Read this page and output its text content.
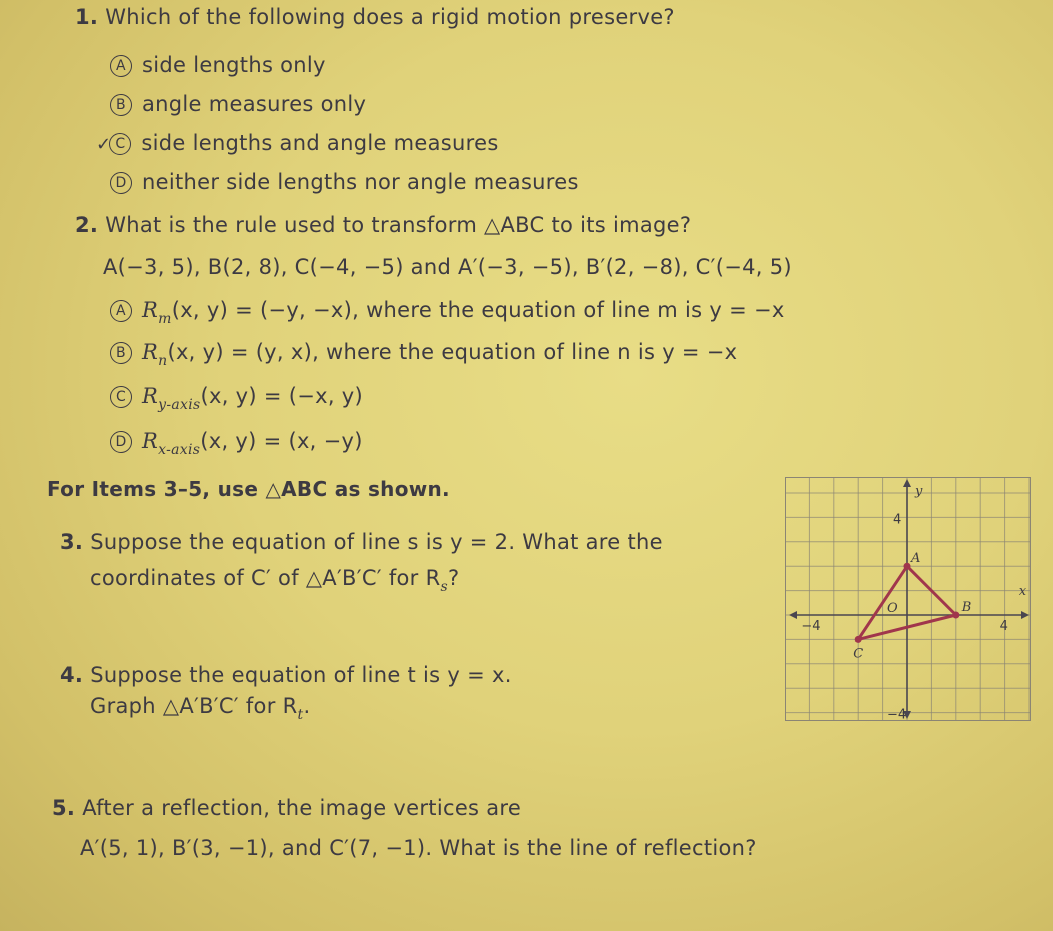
1. Which of the following does a rigid motion preserve?
A side lengths only
B angle measures only
✓ C side lengths and angle measures
D neither side lengths nor angle measures
2. What is the rule used to transform △ABC to its image?
A(−3, 5), B(2, 8), C(−4, −5) and A′(−3, −5), B′(2, −8), C′(−4, 5)
A $R_m(x$, y) = (−y, −x), where the equation of line m is y = −x
B $R_n(x$, y) = (y, x), where the equation of line n is y = −x
C $R_{y-axis}(x$, y) = (−x, y)
D $R_{x-axis}(x$, y) = (x, −y)
For Items 3–5, use △ABC as shown.
3. Suppose the equation of line s is y = 2. What are the
coordinates of C′ of △A′B′C′ for $R_s$?
4. Suppose the equation of line t is y = x.
Graph △A′B′C′ for $R_t$.
5. After a reflection, the image vertices are
A′(5, 1), B′(3, −1), and C′(7, −1). What is the line of reflection?
y
4
−4
x
−4	4
O
A
B
C
